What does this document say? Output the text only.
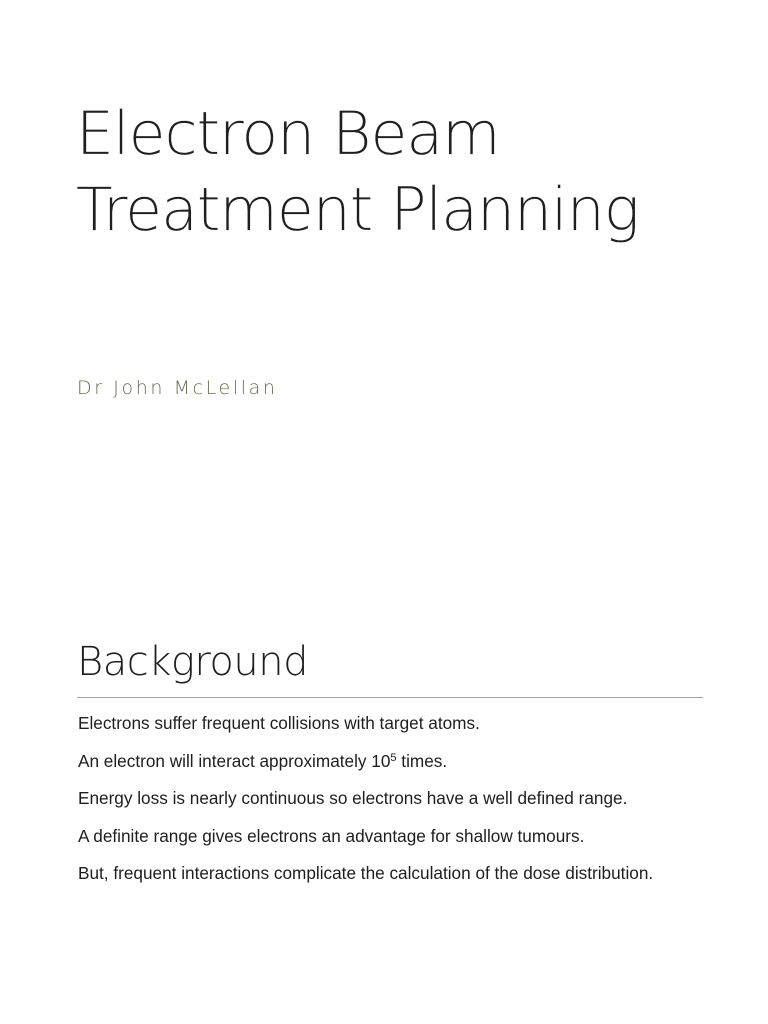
Electron Beam
Treatment Planning

Dr John McLellan

Background
Electrons suffer frequent collisions with target atoms.
An electron will interact approximately $10^5$ times.
Energy loss is nearly continuous so electrons have a well defined range.
A definite range gives electrons an advantage for shallow tumours.
But, frequent interactions complicate the calculation of the dose distribution.
